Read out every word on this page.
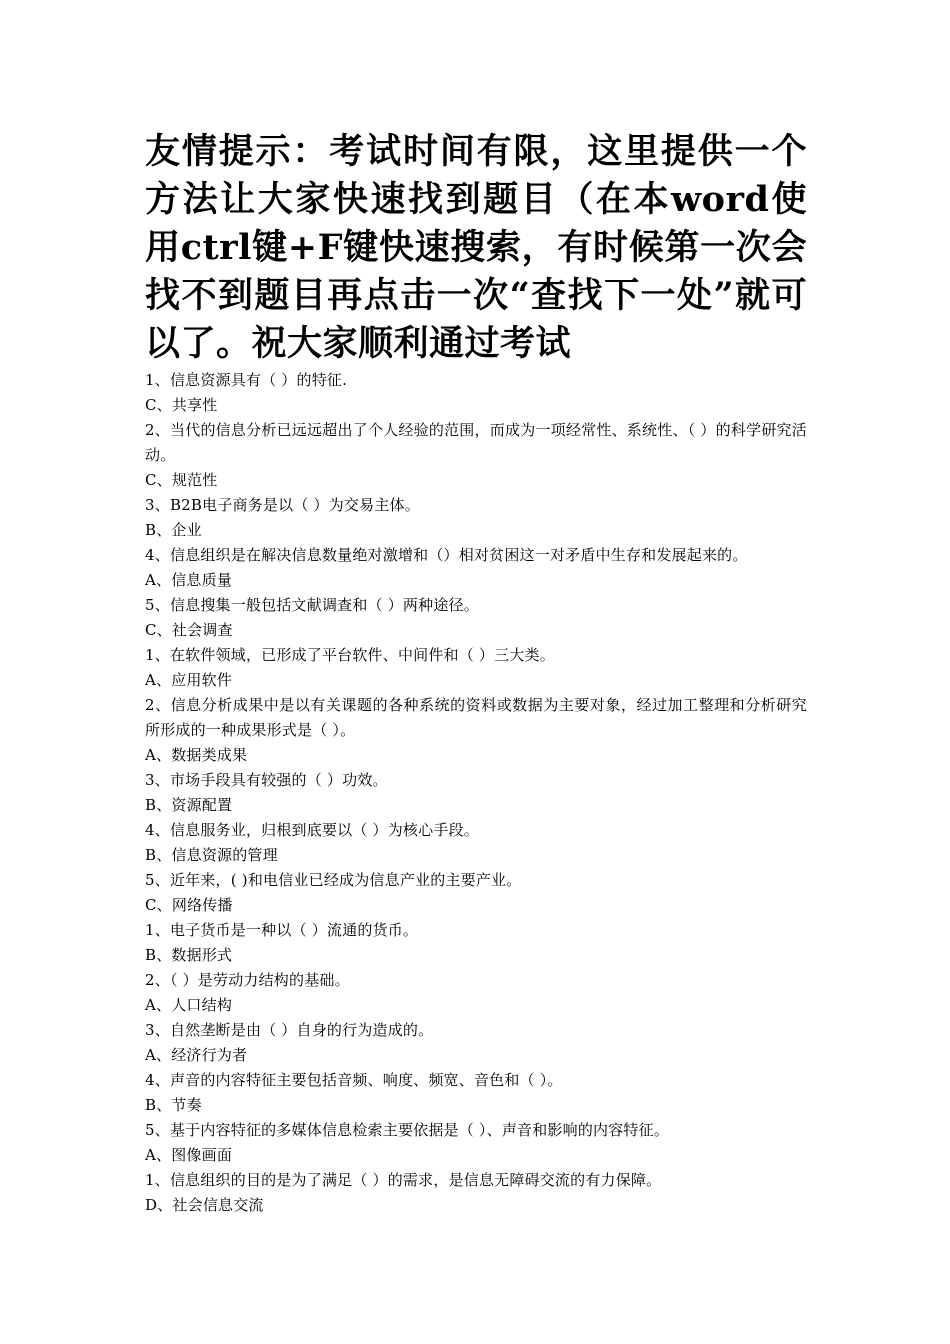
友情提示：考试时间有限，这里提供一个方法让大家快速找到题目（在本word使用ctrl键+F键快速搜索，有时候第一次会找不到题目再点击一次“查找下一处”就可以了。祝大家顺利通过考试

1、信息资源具有（ ）的特征.

C、共享性

2、当代的信息分析已远远超出了个人经验的范围，而成为一项经常性、系统性、（ ）的科学研究活动。

C、规范性

3、B2B电子商务是以（ ）为交易主体。

B、企业

4、信息组织是在解决信息数量绝对激增和（）相对贫困这一对矛盾中生存和发展起来的。

A、信息质量

5、信息搜集一般包括文献调查和（ ）两种途径。

C、社会调查

1、在软件领域，已形成了平台软件、中间件和（ ）三大类。

A、应用软件

2、信息分析成果中是以有关课题的各种系统的资料或数据为主要对象，经过加工整理和分析研究所形成的一种成果形式是（ ）。

A、数据类成果

3、市场手段具有较强的（ ）功效。

B、资源配置

4、信息服务业，归根到底要以（ ）为核心手段。

B、信息资源的管理

5、近年来，( )和电信业已经成为信息产业的主要产业。

C、网络传播

1、电子货币是一种以（ ）流通的货币。

B、数据形式

2、（ ）是劳动力结构的基础。

A、人口结构

3、自然垄断是由（ ）自身的行为造成的。

A、经济行为者

4、声音的内容特征主要包括音频、响度、频宽、音色和（ ）。

B、节奏

5、基于内容特征的多媒体信息检索主要依据是（ ）、声音和影响的内容特征。

A、图像画面

1、信息组织的目的是为了满足（ ）的需求，是信息无障碍交流的有力保障。

D、社会信息交流
